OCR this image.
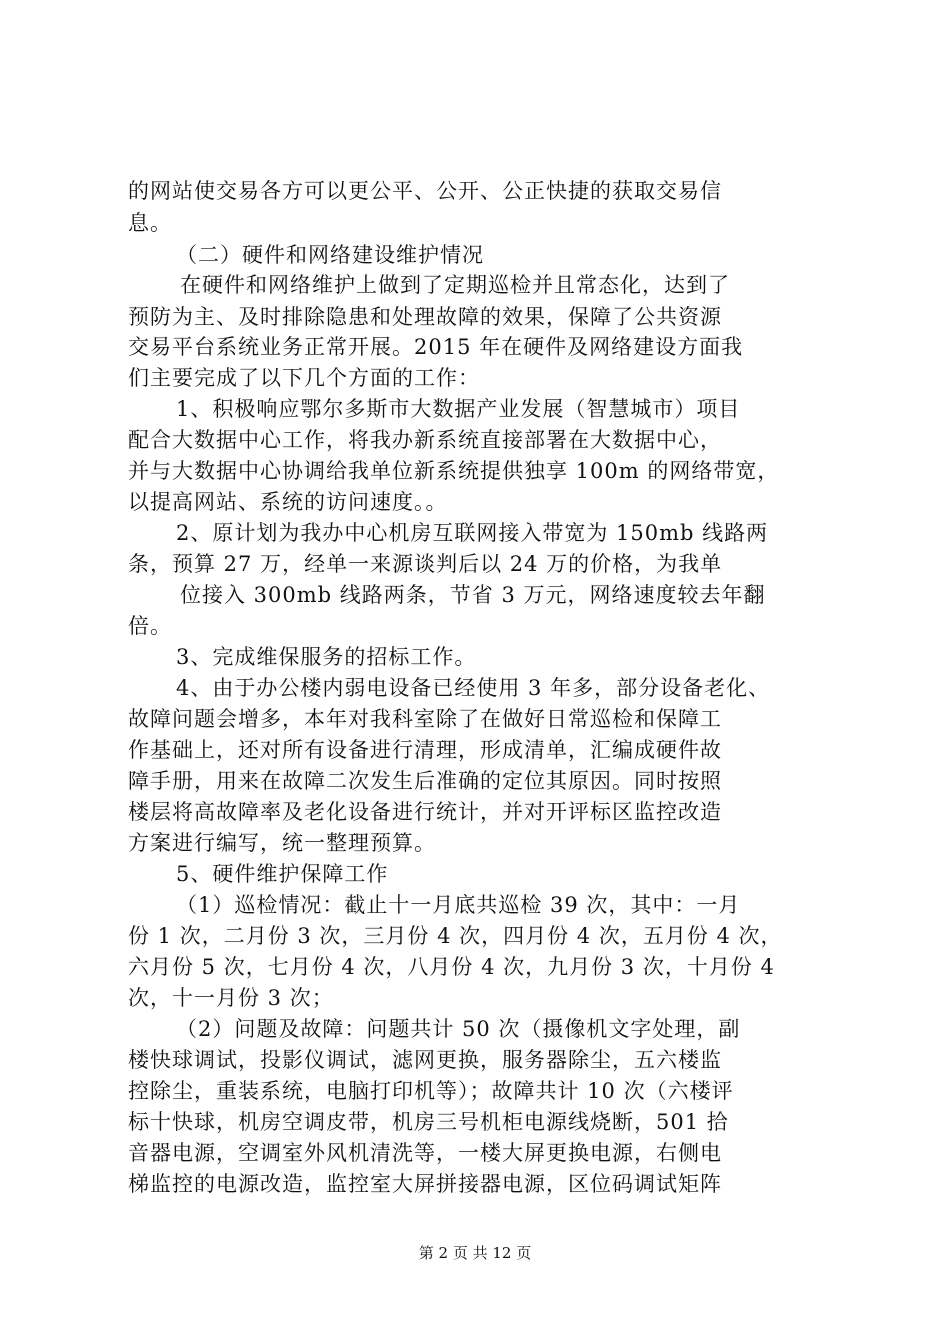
的网站使交易各方可以更公平、公开、公正快捷的获取交易信
息。
（二）硬件和网络建设维护情况
在硬件和网络维护上做到了定期巡检并且常态化，达到了
预防为主、及时排除隐患和处理故障的效果，保障了公共资源
交易平台系统业务正常开展。2015 年在硬件及网络建设方面我
们主要完成了以下几个方面的工作：
1、积极响应鄂尔多斯市大数据产业发展（智慧城市）项目
配合大数据中心工作，将我办新系统直接部署在大数据中心，
并与大数据中心协调给我单位新系统提供独享 100m 的网络带宽，
以提高网站、系统的访问速度。。
2、原计划为我办中心机房互联网接入带宽为 150mb 线路两
条，预算 27 万，经单一来源谈判后以 24 万的价格，为我单
位接入 300mb 线路两条，节省 3 万元，网络速度较去年翻
倍。
3、完成维保服务的招标工作。
4、由于办公楼内弱电设备已经使用 3 年多，部分设备老化、
故障问题会增多，本年对我科室除了在做好日常巡检和保障工
作基础上，还对所有设备进行清理，形成清单，汇编成硬件故
障手册，用来在故障二次发生后准确的定位其原因。同时按照
楼层将高故障率及老化设备进行统计，并对开评标区监控改造
方案进行编写，统一整理预算。
5、硬件维护保障工作
（1）巡检情况：截止十一月底共巡检 39 次，其中：一月
份 1 次，二月份 3 次，三月份 4 次，四月份 4 次，五月份 4 次，
六月份 5 次，七月份 4 次，八月份 4 次，九月份 3 次，十月份 4
次，十一月份 3 次；
（2）问题及故障：问题共计 50 次（摄像机文字处理，副
楼快球调试，投影仪调试，滤网更换，服务器除尘，五六楼监
控除尘，重装系统，电脑打印机等）；故障共计 10 次（六楼评
标十快球，机房空调皮带，机房三号机柜电源线烧断，501 拾
音器电源，空调室外风机清洗等，一楼大屏更换电源，右侧电
梯监控的电源改造，监控室大屏拼接器电源，区位码调试矩阵
第 2 页 共 12 页
